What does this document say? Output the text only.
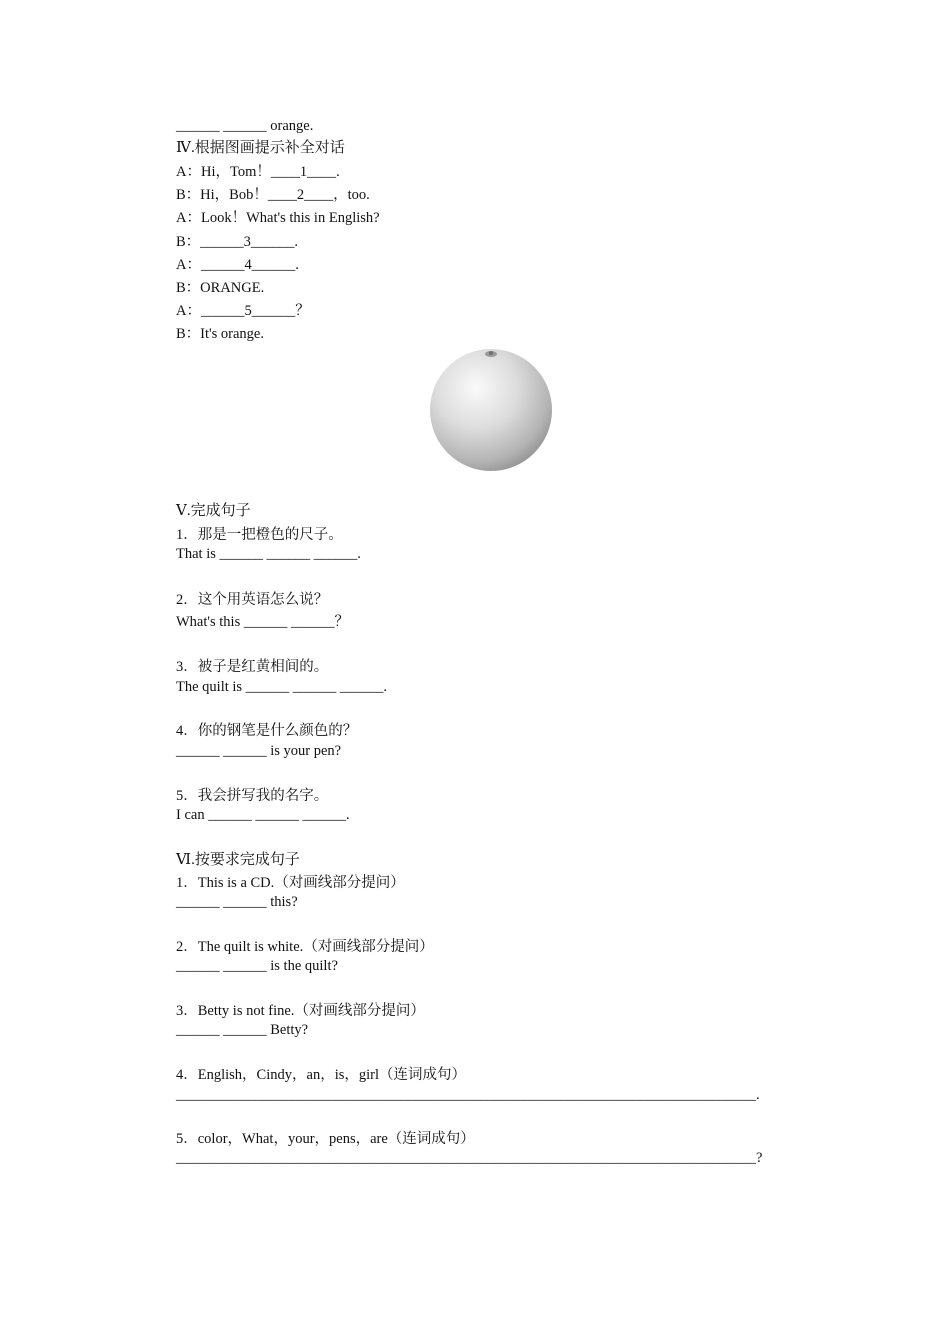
______ ______ orange.
Ⅳ.根据图画提示补全对话
A：Hi，Tom！____1____.
B：Hi，Bob！____2____，too.
A：Look！What's this in English?
B：______3______.
A：______4______.
B：ORANGE.
A：______5______？
B：It's orange.
Ⅴ.完成句子
1．那是一把橙色的尺子。
That is ______ ______ ______.
2．这个用英语怎么说？
What's this ______ ______？
3．被子是红黄相间的。
The quilt is ______ ______ ______.
4．你的钢笔是什么颜色的？
______ ______ is your pen?
5．我会拼写我的名字。
I can ______ ______ ______.
Ⅵ.按要求完成句子
1．This is a CD.（对画线部分提问）
______ ______ this?
2．The quilt is white.（对画线部分提问）
______ ______ is the quilt?
3．Betty is not fine.（对画线部分提问）
______ ______ Betty?
4．English，Cindy，an，is，girl（连词成句）
________________________________________________________________________________.
5．color，What，your，pens，are（连词成句）
________________________________________________________________________________?
